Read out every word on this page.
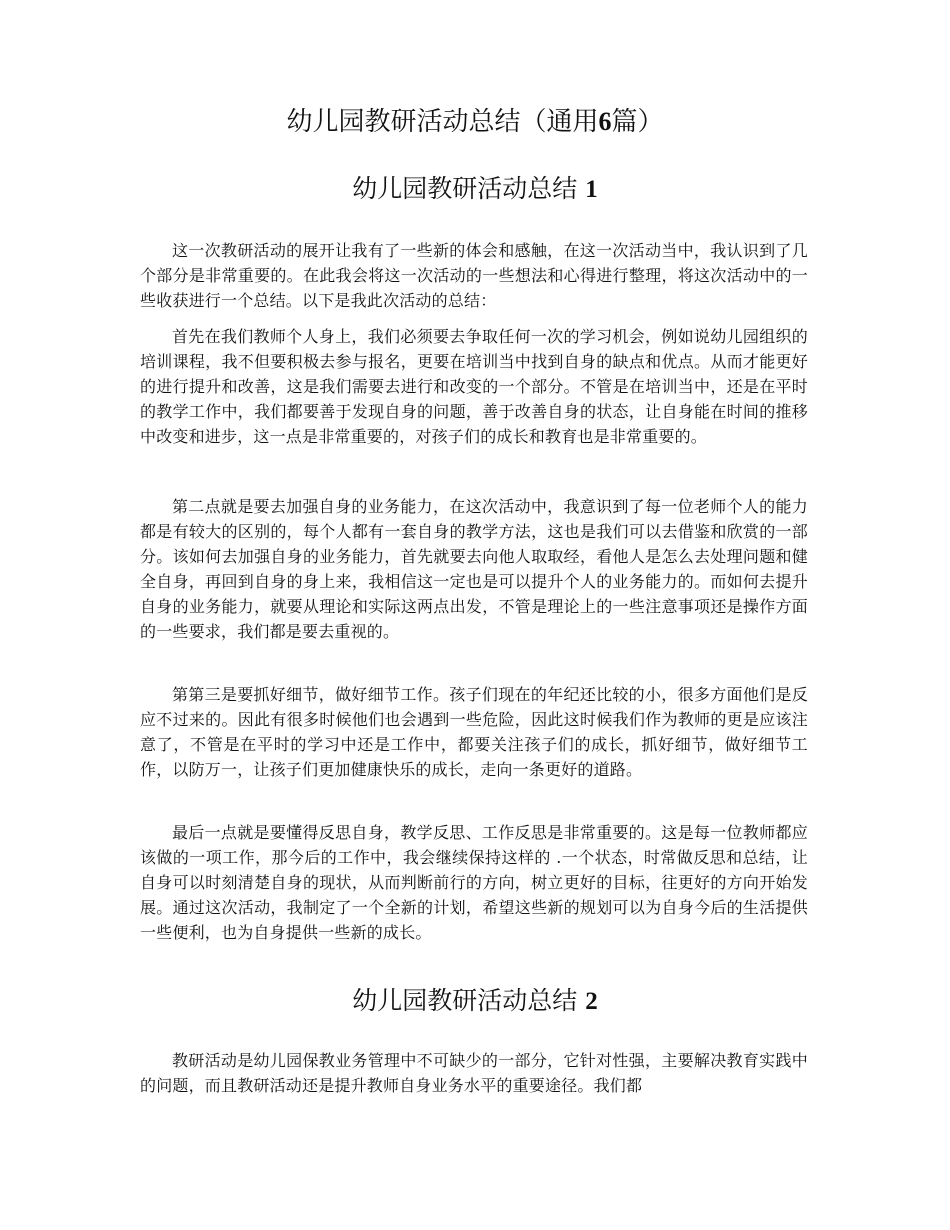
幼儿园教研活动总结（通用6篇）
幼儿园教研活动总结 1

这一次教研活动的展开让我有了一些新的体会和感触，在这一次活动当中，我认识到了几个部分是非常重要的。在此我会将这一次活动的一些想法和心得进行整理，将这次活动中的一些收获进行一个总结。以下是我此次活动的总结：

首先在我们教师个人身上，我们必须要去争取任何一次的学习机会，例如说幼儿园组织的培训课程，我不但要积极去参与报名，更要在培训当中找到自身的缺点和优点。从而才能更好的进行提升和改善，这是我们需要去进行和改变的一个部分。不管是在培训当中，还是在平时的教学工作中，我们都要善于发现自身的问题，善于改善自身的状态，让自身能在时间的推移中改变和进步，这一点是非常重要的，对孩子们的成长和教育也是非常重要的。

第二点就是要去加强自身的业务能力，在这次活动中，我意识到了每一位老师个人的能力都是有较大的区别的，每个人都有一套自身的教学方法，这也是我们可以去借鉴和欣赏的一部分。该如何去加强自身的业务能力，首先就要去向他人取取经，看他人是怎么去处理问题和健全自身，再回到自身的身上来，我相信这一定也是可以提升个人的业务能力的。而如何去提升自身的业务能力，就要从理论和实际这两点出发，不管是理论上的一些注意事项还是操作方面的一些要求，我们都是要去重视的。

第第三是要抓好细节，做好细节工作。孩子们现在的年纪还比较的小，很多方面他们是反应不过来的。因此有很多时候他们也会遇到一些危险，因此这时候我们作为教师的更是应该注意了，不管是在平时的学习中还是工作中，都要关注孩子们的成长，抓好细节，做好细节工作，以防万一，让孩子们更加健康快乐的成长，走向一条更好的道路。

最后一点就是要懂得反思自身，教学反思、工作反思是非常重要的。这是每一位教师都应该做的一项工作，那今后的工作中，我会继续保持这样的 .一个状态，时常做反思和总结，让自身可以时刻清楚自身的现状，从而判断前行的方向，树立更好的目标，往更好的方向开始发展。通过这次活动，我制定了一个全新的计划，希望这些新的规划可以为自身今后的生活提供一些便利，也为自身提供一些新的成长。

幼儿园教研活动总结 2

教研活动是幼儿园保教业务管理中不可缺少的一部分，它针对性强，主要解决教育实践中的问题，而且教研活动还是提升教师自身业务水平的重要途径。我们都
